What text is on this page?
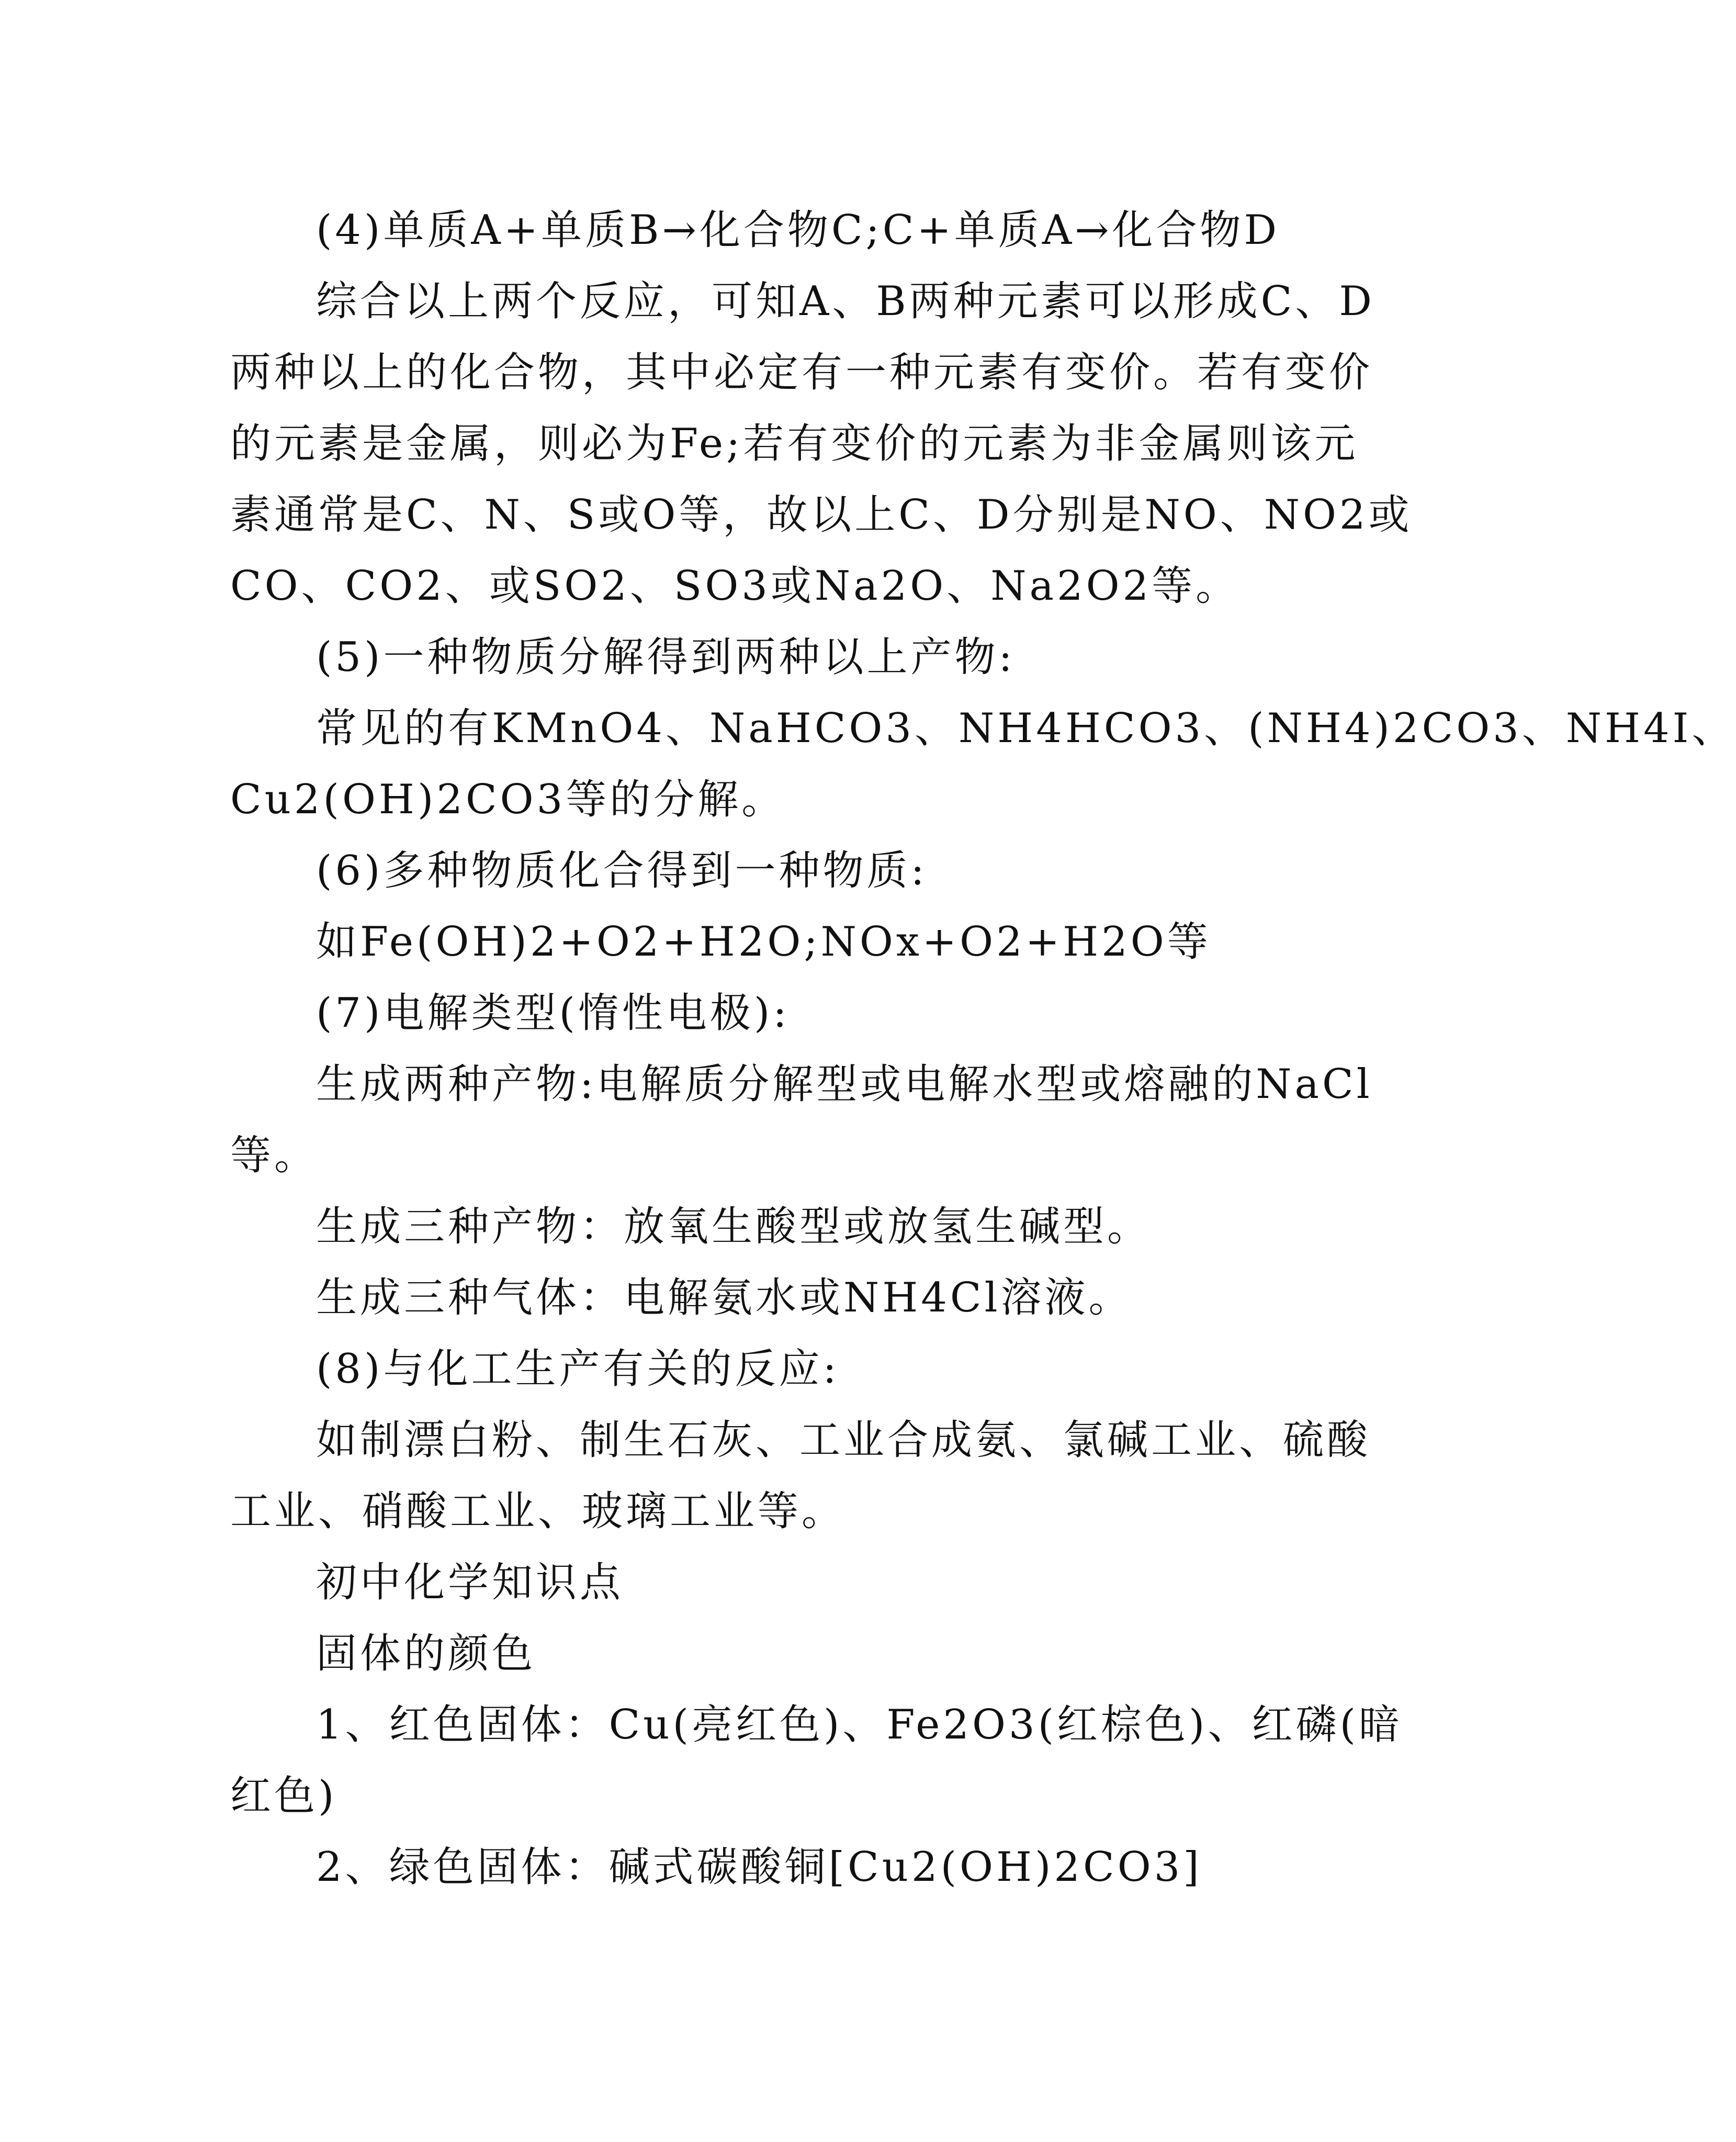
(4)单质A+单质B→化合物C;C+单质A→化合物D

综合以上两个反应，可知A、B两种元素可以形成C、D

两种以上的化合物，其中必定有一种元素有变价。若有变价

的元素是金属，则必为Fe;若有变价的元素为非金属则该元

素通常是C、N、S或O等，故以上C、D分别是NO、NO2或

CO、CO2、或SO2、SO3或Na2O、Na2O2等。

(5)一种物质分解得到两种以上产物:

常见的有KMnO4、NaHCO3、NH4HCO3、(NH4)2CO3、NH4I、

Cu2(OH)2CO3等的分解。

(6)多种物质化合得到一种物质:

如Fe(OH)2+O2+H2O;NOx+O2+H2O等

(7)电解类型(惰性电极):

生成两种产物:电解质分解型或电解水型或熔融的NaCl

等。

生成三种产物：放氧生酸型或放氢生碱型。

生成三种气体：电解氨水或NH4Cl溶液。

(8)与化工生产有关的反应:

如制漂白粉、制生石灰、工业合成氨、氯碱工业、硫酸

工业、硝酸工业、玻璃工业等。

初中化学知识点

固体的颜色

1、红色固体：Cu(亮红色)、Fe2O3(红棕色)、红磷(暗

红色)

2、绿色固体：碱式碳酸铜[Cu2(OH)2CO3]
